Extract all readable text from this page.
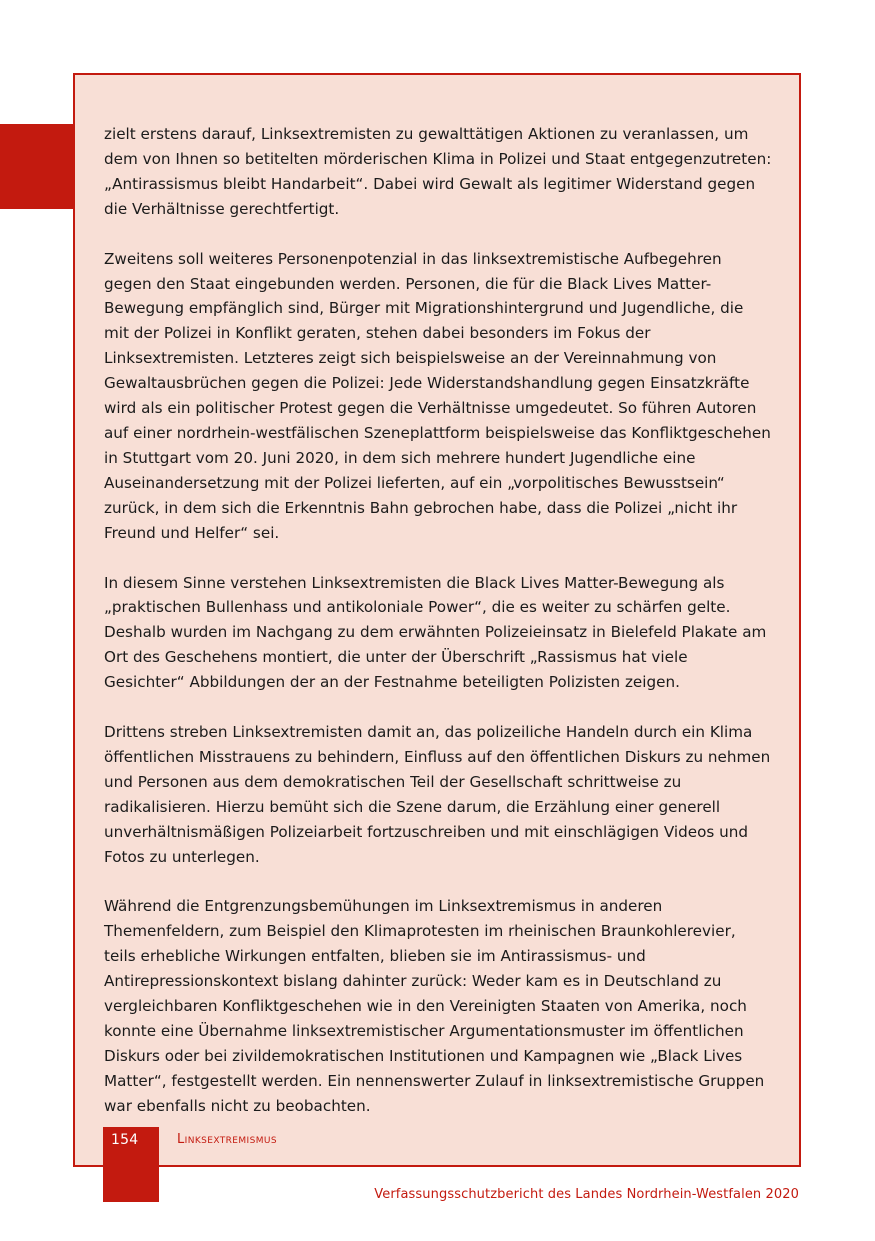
zielt erstens darauf, Linksextremisten zu gewalttätigen Aktionen zu veranlassen, um dem von Ihnen so betitelten mörderischen Klima in Polizei und Staat entgegenzutreten: „Antirassismus bleibt Handarbeit“. Dabei wird Gewalt als legitimer Widerstand gegen die Verhältnisse gerechtfertigt.

Zweitens soll weiteres Personenpotenzial in das linksextremistische Aufbegehren gegen den Staat eingebunden werden. Personen, die für die Black Lives Matter-Bewegung empfänglich sind, Bürger mit Migrationshintergrund und Jugendliche, die mit der Polizei in Konflikt geraten, stehen dabei besonders im Fokus der Linksextremisten. Letzteres zeigt sich beispielsweise an der Vereinnahmung von Gewaltausbrüchen gegen die Polizei: Jede Widerstandshandlung gegen Einsatzkräfte wird als ein politischer Protest gegen die Verhältnisse umgedeutet. So führen Autoren auf einer nordrhein-westfälischen Szeneplattform beispielsweise das Konfliktgeschehen in Stuttgart vom 20. Juni 2020, in dem sich mehrere hundert Jugendliche eine Auseinandersetzung mit der Polizei lieferten, auf ein „vorpolitisches Bewusstsein“ zurück, in dem sich die Erkenntnis Bahn gebrochen habe, dass die Polizei „nicht ihr Freund und Helfer“ sei.

In diesem Sinne verstehen Linksextremisten die Black Lives Matter-Bewegung als „praktischen Bullenhass und antikoloniale Power“, die es weiter zu schärfen gelte. Deshalb wurden im Nachgang zu dem erwähnten Polizeieinsatz in Bielefeld Plakate am Ort des Geschehens montiert, die unter der Überschrift „Rassismus hat viele Gesichter“ Abbildungen der an der Festnahme beteiligten Polizisten zeigen.

Drittens streben Linksextremisten damit an, das polizeiliche Handeln durch ein Klima öffentlichen Misstrauens zu behindern, Einfluss auf den öffentlichen Diskurs zu nehmen und Personen aus dem demokratischen Teil der Gesellschaft schrittweise zu radikalisieren. Hierzu bemüht sich die Szene darum, die Erzählung einer generell unverhältnismäßigen Polizeiarbeit fortzuschreiben und mit einschlägigen Videos und Fotos zu unterlegen.

Während die Entgrenzungsbemühungen im Linksextremismus in anderen Themenfeldern, zum Beispiel den Klimaprotesten im rheinischen Braunkohlerevier, teils erhebliche Wirkungen entfalten, blieben sie im Antirassismus- und Antirepressionskontext bislang dahinter zurück: Weder kam es in Deutschland zu vergleichbaren Konfliktgeschehen wie in den Vereinigten Staaten von Amerika, noch konnte eine Übernahme linksextremistischer Argumentationsmuster im öffentlichen Diskurs oder bei zivildemokratischen Institutionen und Kampagnen wie „Black Lives Matter“, festgestellt werden. Ein nennenswerter Zulauf in linksextremistische Gruppen war ebenfalls nicht zu beobachten.

154	Linksextremismus
Verfassungsschutzbericht des Landes Nordrhein-Westfalen 2020
